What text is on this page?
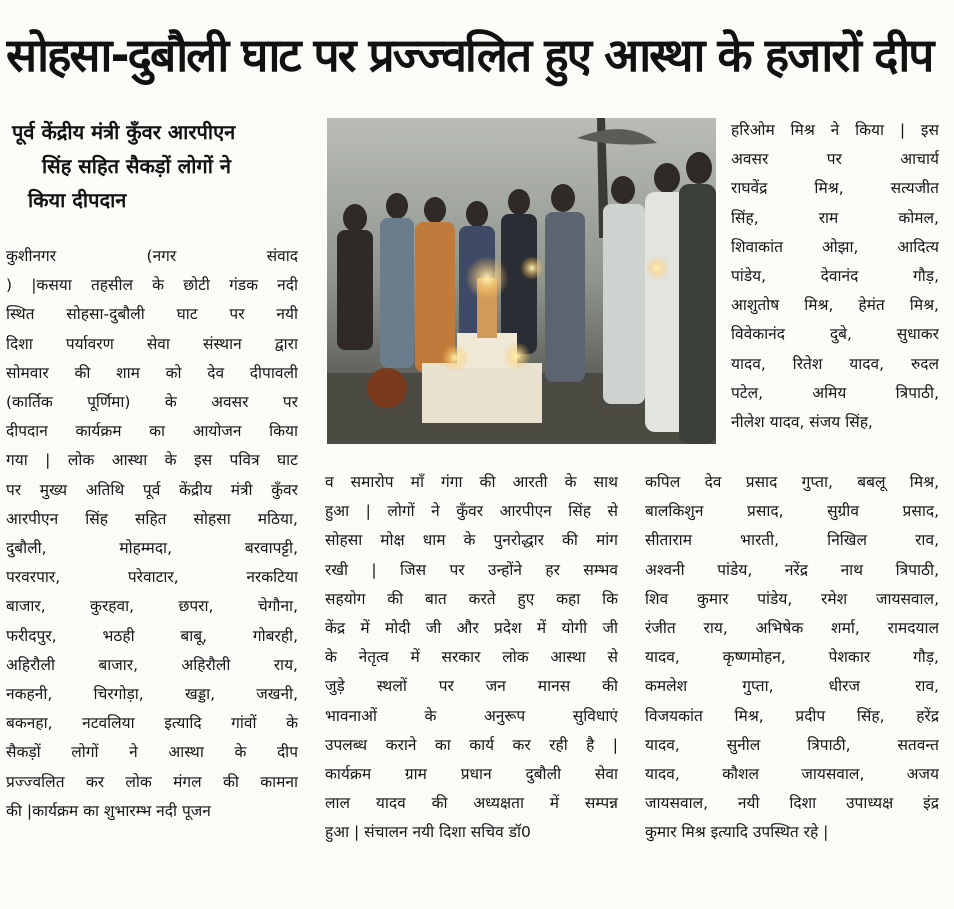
सोहसा-दुबौली घाट पर प्रज्ज्वलित हुए आस्था के हजारों दीप
पूर्व केंद्रीय मंत्री कुँवर आरपीएन
सिंह सहित सैकड़ों लोगों ने
किया दीपदान
कुशीनगर (नगर संवाद
) |कसया तहसील के छोटी गंडक नदी
स्थित सोहसा-दुबौली घाट पर नयी
दिशा पर्यावरण सेवा संस्थान द्वारा
सोमवार की शाम को देव दीपावली
(कार्तिक पूर्णिमा) के अवसर पर
दीपदान कार्यक्रम का आयोजन किया
गया | लोक आस्था के इस पवित्र घाट
पर मुख्य अतिथि पूर्व केंद्रीय मंत्री कुँवर
आरपीएन सिंह सहित सोहसा मठिया,
दुबौली, मोहम्मदा, बरवापट्टी,
परवरपार, परेवाटार, नरकटिया
बाजार, कुरहवा, छपरा, चेगौना,
फरीदपुर, भठही बाबू, गोबरही,
अहिरौली बाजार, अहिरौली राय,
नकहनी, चिरगोड़ा, खड्डा, जखनी,
बकनहा, नटवलिया इत्यादि गांवों के
सैकड़ों लोगों ने आस्था के दीप
प्रज्ज्वलित कर लोक मंगल की कामना
की |कार्यक्रम का शुभारम्भ नदी पूजन
व समारोप माँ गंगा की आरती के साथ
हुआ | लोगों ने कुँवर आरपीएन सिंह से
सोहसा मोक्ष धाम के पुनरोद्धार की मांग
रखी | जिस पर उन्होंने हर सम्भव
सहयोग की बात करते हुए कहा कि
केंद्र में मोदी जी और प्रदेश में योगी जी
के नेतृत्व में सरकार लोक आस्था से
जुड़े स्थलों पर जन मानस की
भावनाओं के अनुरूप सुविधाएं
उपलब्ध कराने का कार्य कर रही है |
कार्यक्रम ग्राम प्रधान दुबौली सेवा
लाल यादव की अध्यक्षता में सम्पन्न
हुआ | संचालन नयी दिशा सचिव डॉ0
हरिओम मिश्र ने किया | इस
अवसर पर आचार्य
राघवेंद्र मिश्र, सत्यजीत
सिंह, राम कोमल,
शिवाकांत ओझा, आदित्य
पांडेय, देवानंद गौड़,
आशुतोष मिश्र, हेमंत मिश्र,
विवेकानंद दुबे, सुधाकर
यादव, रितेश यादव, रुदल
पटेल, अमिय त्रिपाठी,
नीलेश यादव, संजय सिंह,
कपिल देव प्रसाद गुप्ता, बबलू मिश्र,
बालकिशुन प्रसाद, सुग्रीव प्रसाद,
सीताराम भारती, निखिल राव,
अश्वनी पांडेय, नरेंद्र नाथ त्रिपाठी,
शिव कुमार पांडेय, रमेश जायसवाल,
रंजीत राय, अभिषेक शर्मा, रामदयाल
यादव, कृष्णमोहन, पेशकार गौड़,
कमलेश गुप्ता, धीरज राव,
विजयकांत मिश्र, प्रदीप सिंह, हरेंद्र
यादव, सुनील त्रिपाठी, सतवन्त
यादव, कौशल जायसवाल, अजय
जायसवाल, नयी दिशा उपाध्यक्ष इंद्र
कुमार मिश्र इत्यादि उपस्थित रहे |
